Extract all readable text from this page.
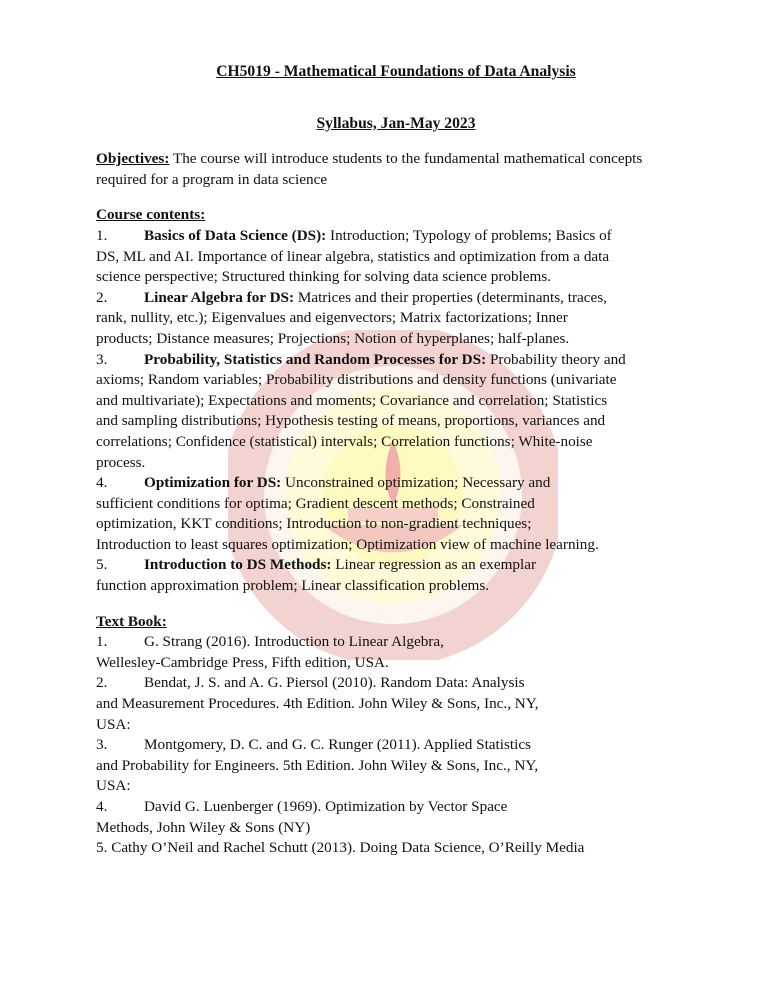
CH5019 - Mathematical Foundations of Data Analysis
Syllabus, Jan-May 2023
Objectives: The course will introduce students to the fundamental mathematical concepts
required for a program in data science
Course contents:
1. Basics of Data Science (DS): Introduction; Typology of problems; Basics of
DS, ML and AI. Importance of linear algebra, statistics and optimization from a data
science perspective; Structured thinking for solving data science problems.
2. Linear Algebra for DS: Matrices and their properties (determinants, traces,
rank, nullity, etc.); Eigenvalues and eigenvectors; Matrix factorizations; Inner
products; Distance measures; Projections; Notion of hyperplanes; half-planes.
3. Probability, Statistics and Random Processes for DS: Probability theory and
axioms; Random variables; Probability distributions and density functions (univariate
and multivariate); Expectations and moments; Covariance and correlation; Statistics
and sampling distributions; Hypothesis testing of means, proportions, variances and
correlations; Confidence (statistical) intervals; Correlation functions; White-noise
process.
4. Optimization for DS: Unconstrained optimization; Necessary and
sufficient conditions for optima; Gradient descent methods; Constrained
optimization, KKT conditions; Introduction to non-gradient techniques;
Introduction to least squares optimization; Optimization view of machine learning.
5. Introduction to DS Methods: Linear regression as an exemplar
function approximation problem; Linear classification problems.
Text Book:
1. G. Strang (2016). Introduction to Linear Algebra,
Wellesley-Cambridge Press, Fifth edition, USA.
2. Bendat, J. S. and A. G. Piersol (2010). Random Data: Analysis
and Measurement Procedures. 4th Edition. John Wiley & Sons, Inc., NY,
USA:
3. Montgomery, D. C. and G. C. Runger (2011). Applied Statistics
and Probability for Engineers. 5th Edition. John Wiley & Sons, Inc., NY,
USA:
4. David G. Luenberger (1969). Optimization by Vector Space
Methods, John Wiley & Sons (NY)
5. Cathy O’Neil and Rachel Schutt (2013). Doing Data Science, O’Reilly Media
